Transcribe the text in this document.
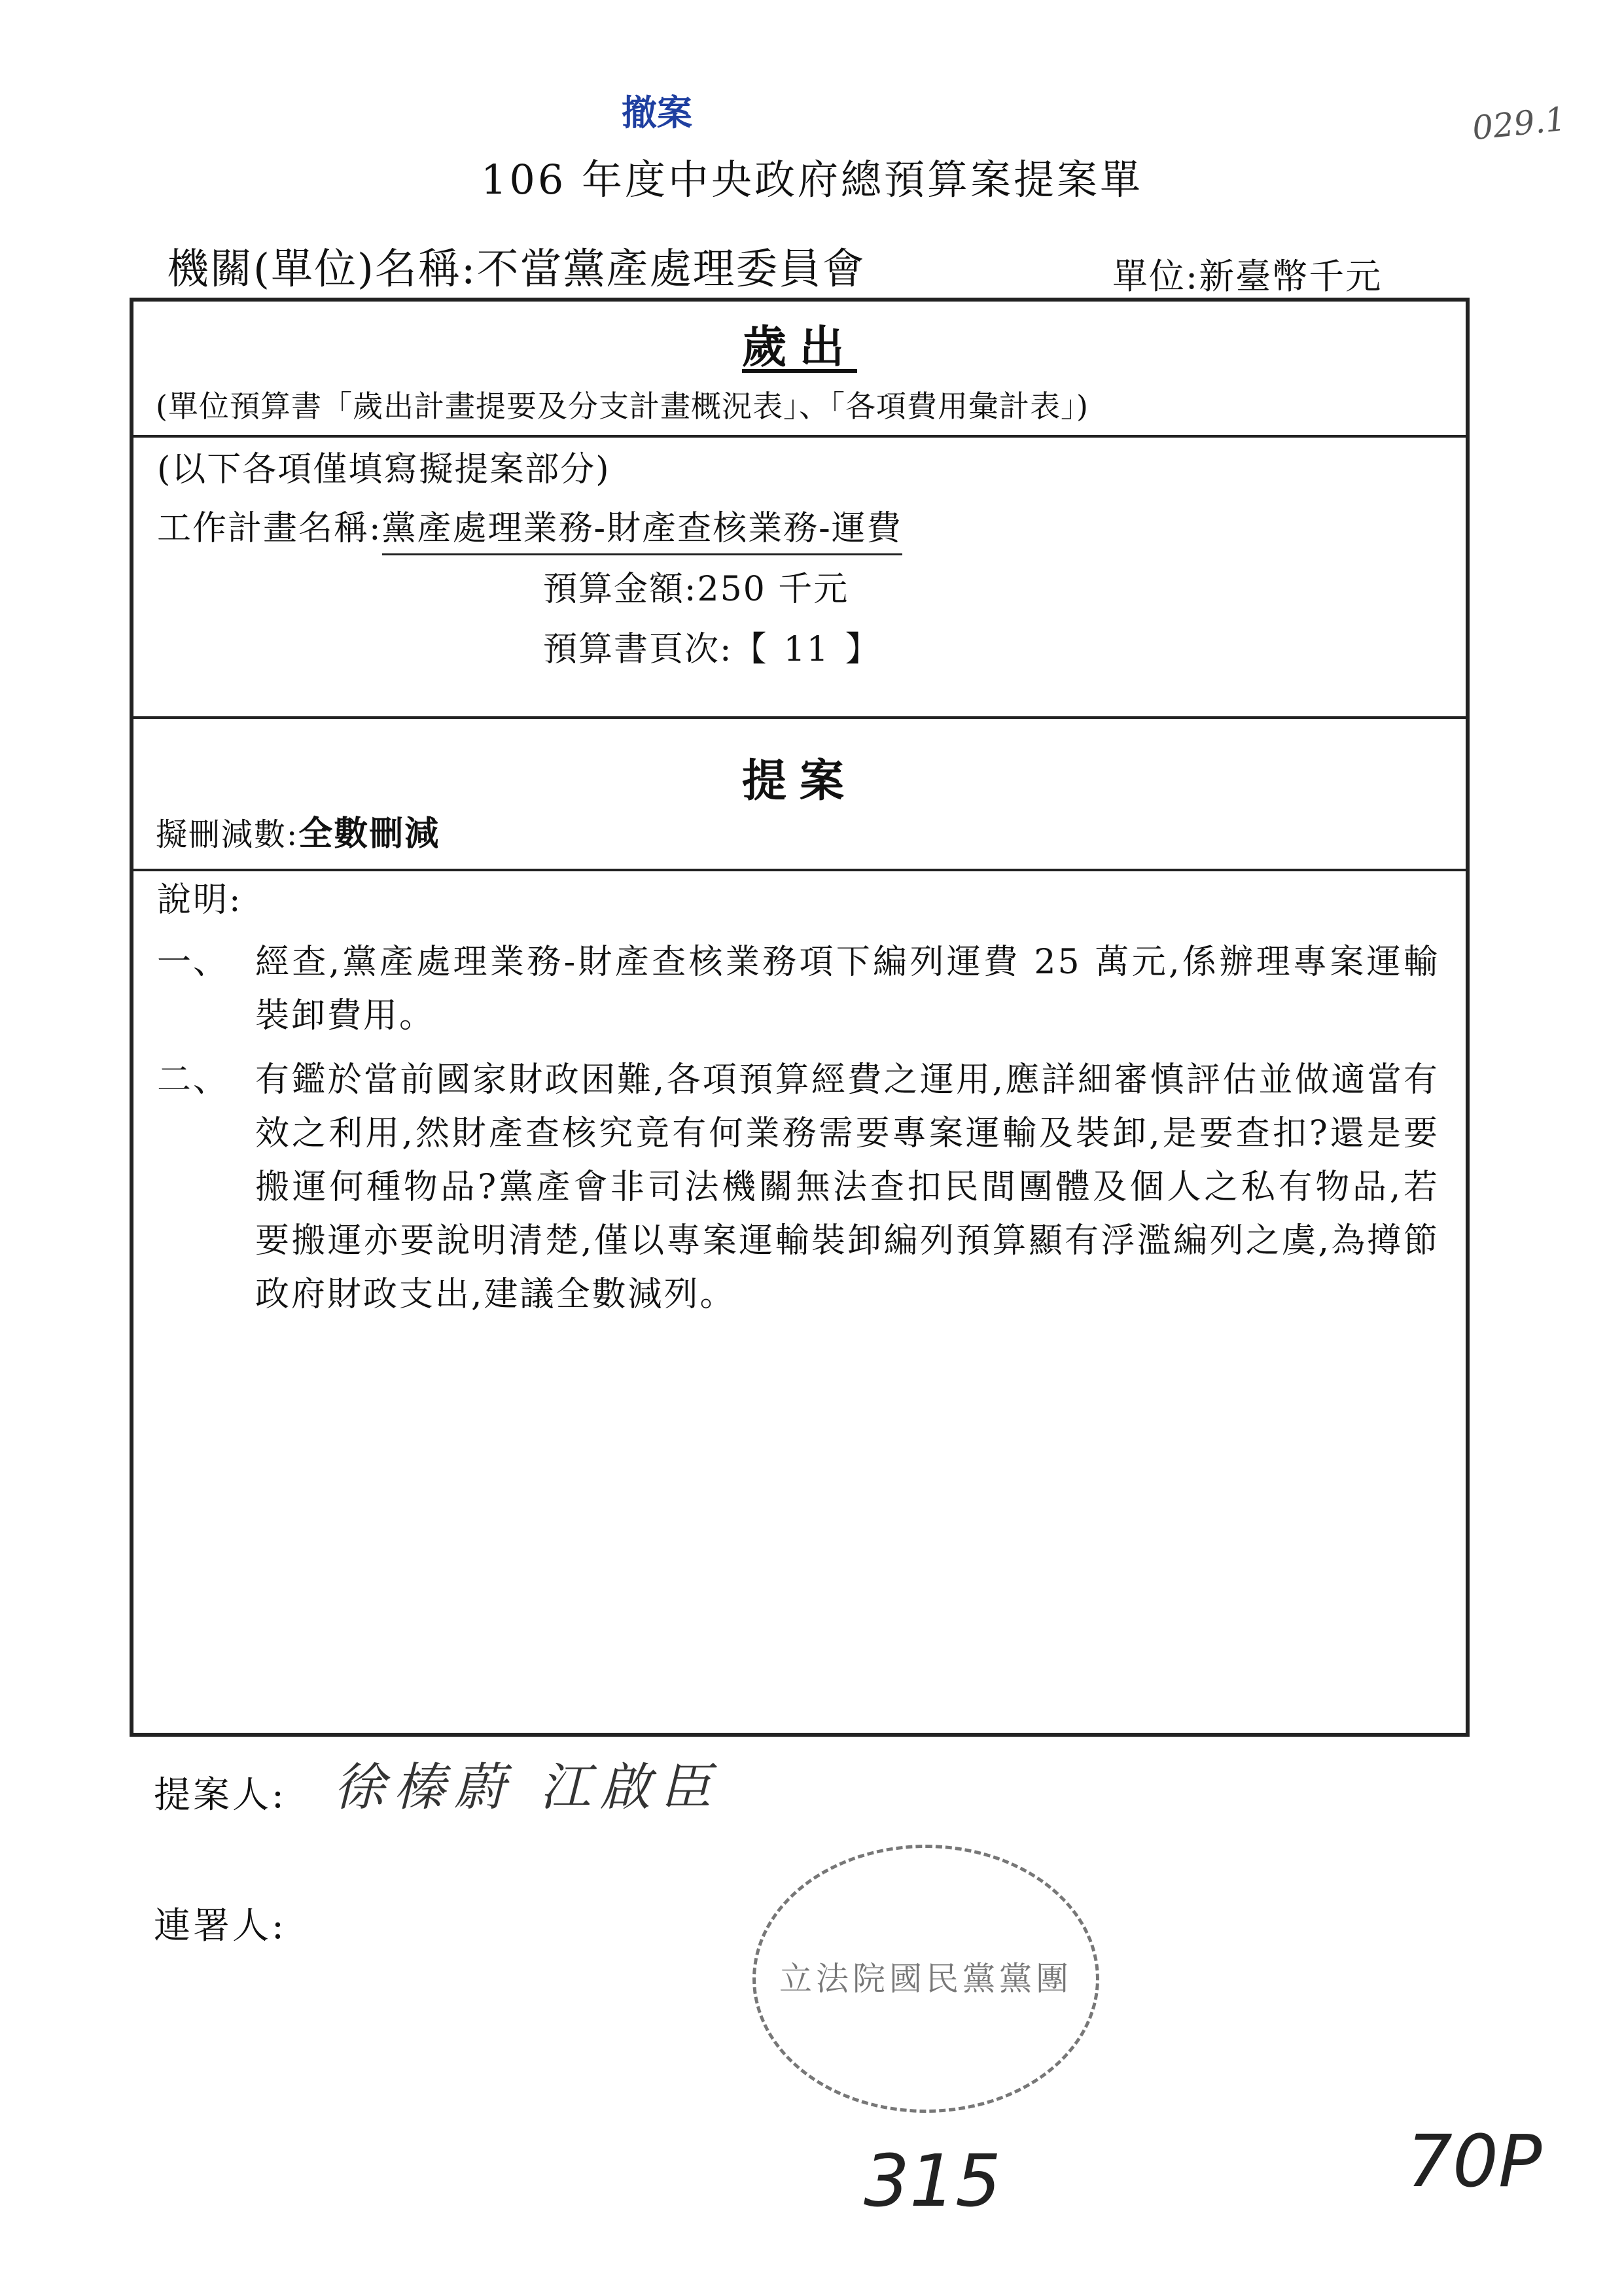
撤案	029.1
106 年度中央政府總預算案提案單
機關(單位)名稱:不當黨產處理委員會	單位:新臺幣千元
歲出
(單位預算書「歲出計畫提要及分支計畫概況表」、「各項費用彙計表」)
(以下各項僅填寫擬提案部分)
工作計畫名稱:黨產處理業務-財產查核業務-運費
預算金額:250 千元
預算書頁次:【 11 】
提案
擬刪減數:全數刪減
說明:
一、 經查,黨產處理業務-財產查核業務項下編列運費 25 萬元,係辦理專案運輸裝卸費用。
二、 有鑑於當前國家財政困難,各項預算經費之運用,應詳細審慎評估並做適當有效之利用,然財產查核究竟有何業務需要專案運輸及裝卸,是要查扣?還是要搬運何種物品?黨產會非司法機關無法查扣民間團體及個人之私有物品,若要搬運亦要說明清楚,僅以專案運輸裝卸編列預算顯有浮濫編列之虞,為撙節政府財政支出,建議全數減列。
提案人: 徐榛蔚 江啟臣
連署人:
立法院國民黨黨團
315	70P
